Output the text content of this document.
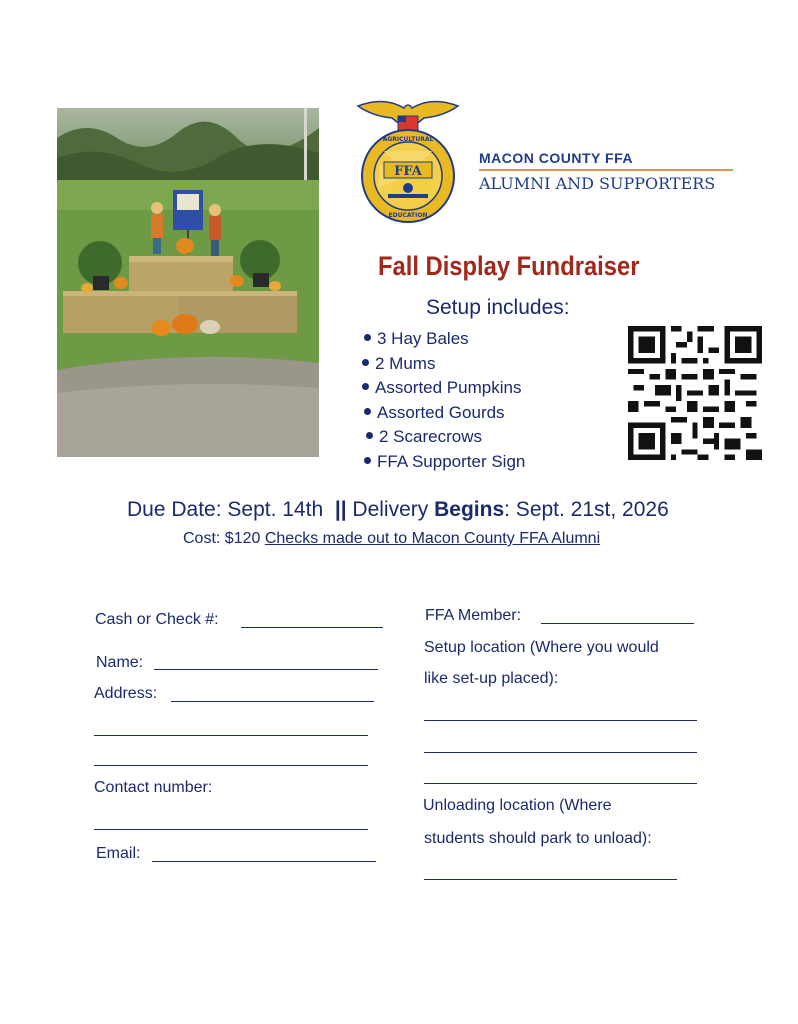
FFA
AGRICULTURAL
EDUCATION
MACON COUNTY FFA
ALUMNI AND SUPPORTERS
Fall Display Fundraiser
Setup includes:
3 Hay Bales
2 Mums
Assorted Pumpkins
Assorted Gourds
2 Scarecrows
FFA Supporter Sign
Due Date: Sept. 14th || Delivery Begins: Sept. 21st, 2026
Cost: $120 Checks made out to Macon County FFA Alumni
Cash or Check #:
Name:
Address:
Contact number:
Email:
FFA Member:
Setup location (Where you would
like set-up placed):
Unloading location (Where
students should park to unload):
